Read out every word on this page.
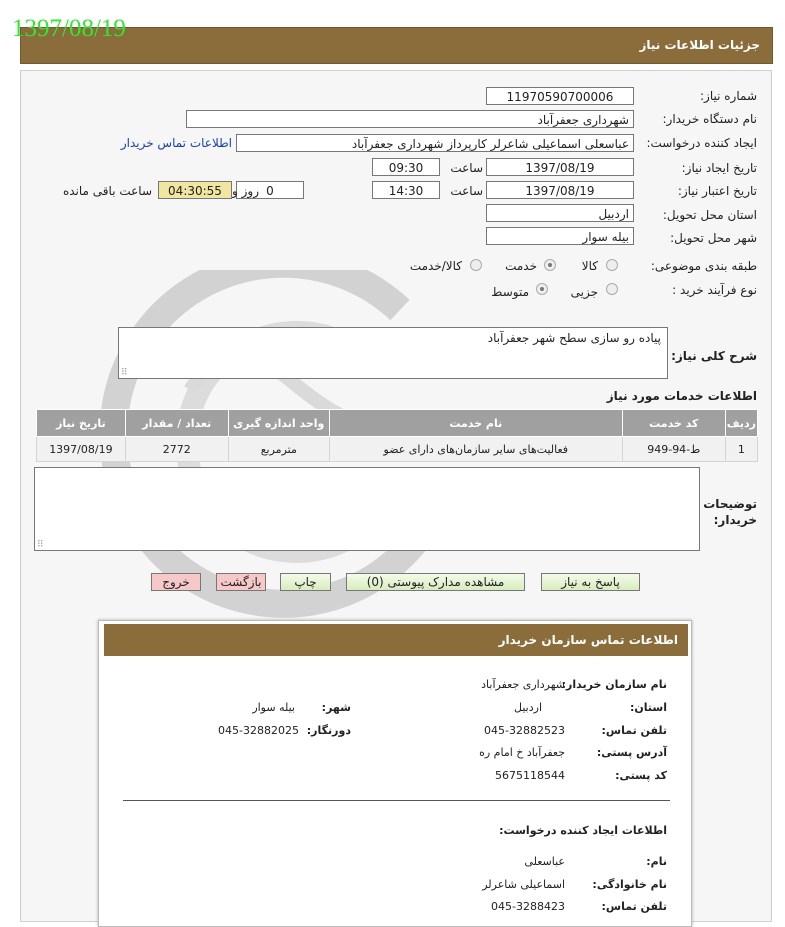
جزئیات اطلاعات نیاز
1397/08/19
شماره نیاز:
1197059070000‎6
نام دستگاه خریدار:
شهرداری جعفرآباد
ایجاد کننده درخواست:
عباسعلی اسماعیلی شاعرلر کارپرداز شهرداری جعفرآباد
اطلاعات تماس خریدار
تاریخ ایجاد نیاز:
1397/08/19
ساعت
09:30
تاریخ اعتبار نیاز:
1397/08/19
ساعت
14:30
0
روز و
04:30:55
ساعت باقی مانده
استان محل تحویل:
اردبیل
شهر محل تحویل:
بیله سوار
طبقه بندی موضوعی:
کالا
خدمت
کالا/خدمت
نوع فرآیند خرید :
جزیی
متوسط
شرح کلی نیاز:
پیاده رو سازی سطح شهر جعفرآباد
⠿
اطلاعات خدمات مورد نیاز
ردیف	کد خدمت	نام خدمت	واحد اندازه گیری	تعداد / مقدار	تاریخ نیاز
1	ط-94-949	فعالیت‌های سایر سازمان‌های دارای عضو	مترمربع	2772	1397/08/19
توضیحات خریدار:
⠿
پاسخ به نیاز
مشاهده مدارک پیوستی (0)
چاپ
بازگشت
خروج
اطلاعات تماس سازمان خریدار
نام سازمان خریدار:
شهرداری جعفرآباد
استان:
اردبیل
شهر:
بیله سوار
تلفن تماس:
045-32882523
دورنگار:
045-32882025
آدرس پستی:
جعفرآباد خ امام ره
کد پستی:
5675118544
اطلاعات ایجاد کننده درخواست:
نام:
عباسعلی
نام خانوادگی:
اسماعیلی شاعرلر
تلفن تماس:
045-3288423
